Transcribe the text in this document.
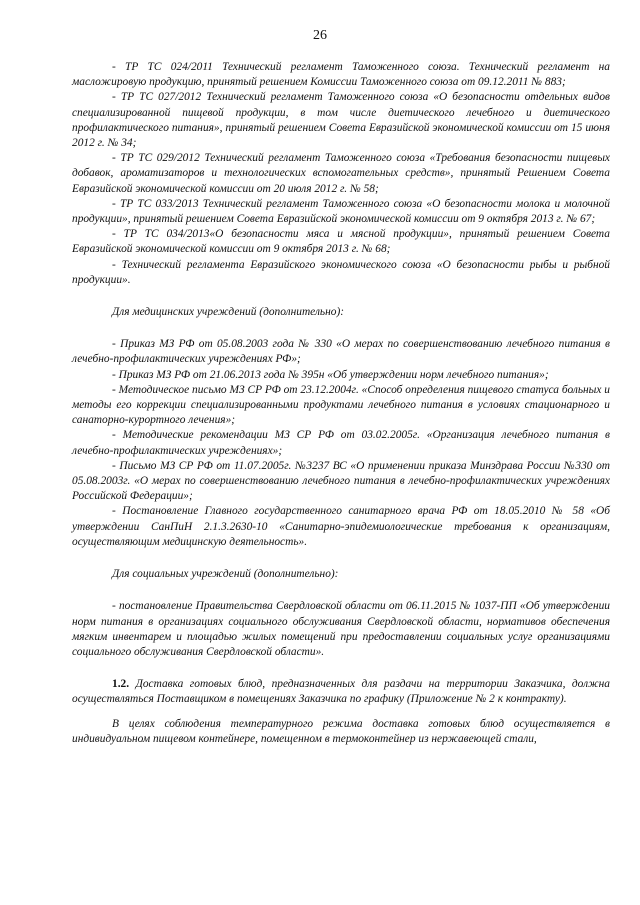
26

- ТР ТС 024/2011 Технический регламент Таможенного союза. Технический регламент на масложировую продукцию, принятый решением Комиссии Таможенного союза от 09.12.2011 № 883;

- ТР ТС 027/2012 Технический регламент Таможенного союза «О безопасности отдельных видов специализированной пищевой продукции, в том числе диетического лечебного и диетического профилактического питания», принятый решением Совета Евразийской экономической комиссии от 15 июня 2012 г. № 34;

- ТР ТС 029/2012 Технический регламент Таможенного союза «Требования безопасности пищевых добавок, ароматизаторов и технологических вспомогательных средств», принятый Решением Совета Евразийской экономической комиссии от 20 июля 2012 г. № 58;

- ТР ТС 033/2013 Технический регламент Таможенного союза «О безопасности молока и молочной продукции», принятый решением Совета Евразийской экономической комиссии от 9 октября 2013 г. № 67;

- ТР ТС 034/2013«О безопасности мяса и мясной продукции», принятый решением Совета Евразийской экономической комиссии от 9 октября 2013 г. № 68;

- Технический регламента Евразийского экономического союза «О безопасности рыбы и рыбной продукции».

Для медицинских учреждений (дополнительно):

- Приказ МЗ РФ от 05.08.2003 года № 330 «О мерах по совершенствованию лечебного питания в лечебно-профилактических учреждениях РФ»;

- Приказ МЗ РФ от 21.06.2013 года № 395н «Об утверждении норм лечебного питания»;

- Методическое письмо МЗ СР РФ от 23.12.2004г. «Способ определения пищевого статуса больных и методы его коррекции специализированными продуктами лечебного питания в условиях стационарного и санаторно-курортного лечения»;

- Методические рекомендации МЗ СР РФ от 03.02.2005г. «Организация лечебного питания в лечебно-профилактических учреждениях»;

- Письмо МЗ СР РФ от 11.07.2005г. №3237 ВС «О применении приказа Минздрава России №330 от 05.08.2003г. «О мерах по совершенствованию лечебного питания в лечебно-профилактических учреждениях Российской Федерации»;

- Постановление Главного государственного санитарного врача РФ от 18.05.2010 № 58 «Об утверждении СанПиН 2.1.3.2630-10 «Санитарно-эпидемиологические требования к организациям, осуществляющим медицинскую деятельность».

Для социальных учреждений (дополнительно):

- постановление Правительства Свердловской области от 06.11.2015 № 1037-ПП «Об утверждении норм питания в организациях социального обслуживания Свердловской области, нормативов обеспечения мягким инвентарем и площадью жилых помещений при предоставлении социальных услуг организациями социального обслуживания Свердловской области».

1.2. Доставка готовых блюд, предназначенных для раздачи на территории Заказчика, должна осуществляться Поставщиком в помещениях Заказчика по графику (Приложение № 2 к контракту).

В целях соблюдения температурного режима доставка готовых блюд осуществляется в индивидуальном пищевом контейнере, помещенном в термоконтейнер из нержавеющей стали,
